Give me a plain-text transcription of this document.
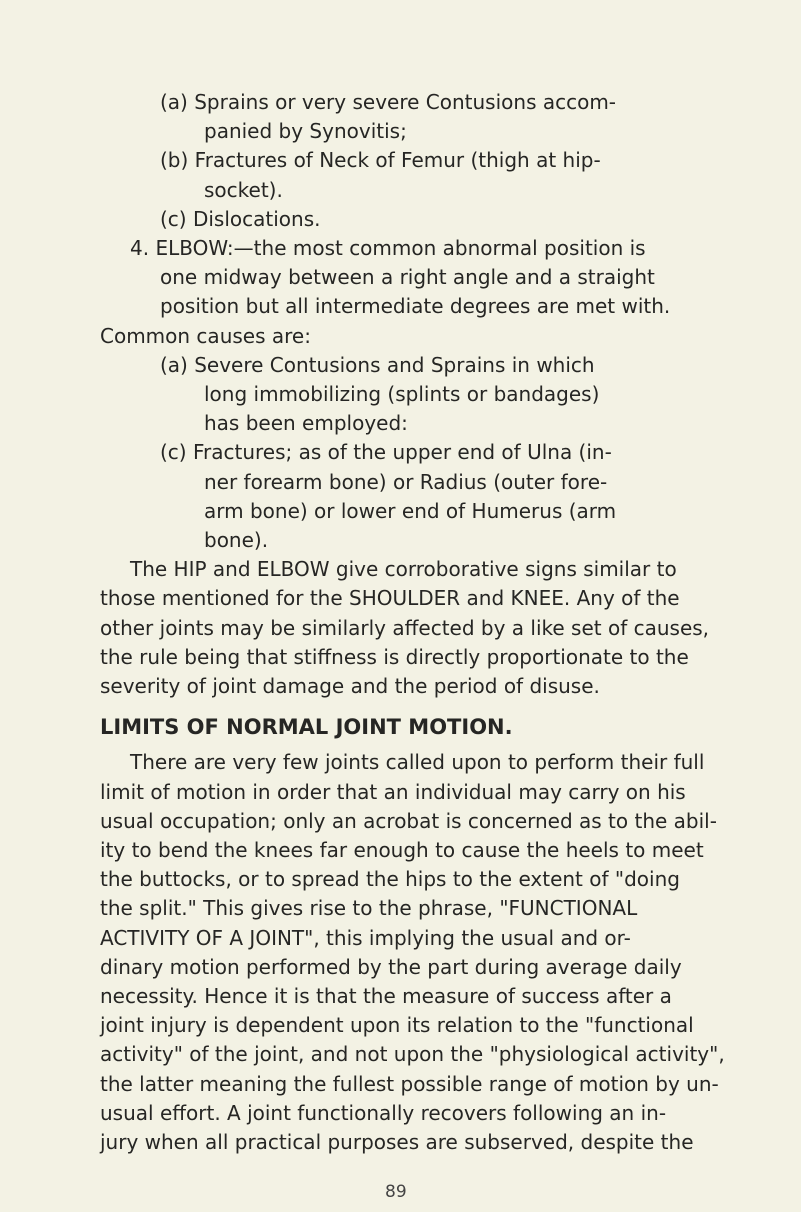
(a) Sprains or very severe Contusions accom-
panied by Synovitis;
(b) Fractures of Neck of Femur (thigh at hip-
socket).
(c) Dislocations.
4. ELBOW:—the most common abnormal position is
one midway between a right angle and a straight
position but all intermediate degrees are met with.
Common causes are:
(a) Severe Contusions and Sprains in which
long immobilizing (splints or bandages)
has been employed:
(c) Fractures; as of the upper end of Ulna (in-
ner forearm bone) or Radius (outer fore-
arm bone) or lower end of Humerus (arm
bone).
The HIP and ELBOW give corroborative signs similar to
those mentioned for the SHOULDER and KNEE. Any of the
other joints may be similarly affected by a like set of causes,
the rule being that stiffness is directly proportionate to the
severity of joint damage and the period of disuse.
LIMITS OF NORMAL JOINT MOTION.
There are very few joints called upon to perform their full
limit of motion in order that an individual may carry on his
usual occupation; only an acrobat is concerned as to the abil-
ity to bend the knees far enough to cause the heels to meet
the buttocks, or to spread the hips to the extent of "doing
the split." This gives rise to the phrase, "FUNCTIONAL
ACTIVITY OF A JOINT", this implying the usual and or-
dinary motion performed by the part during average daily
necessity. Hence it is that the measure of success after a
joint injury is dependent upon its relation to the "functional
activity" of the joint, and not upon the "physiological activity",
the latter meaning the fullest possible range of motion by un-
usual effort. A joint functionally recovers following an in-
jury when all practical purposes are subserved, despite the
89
